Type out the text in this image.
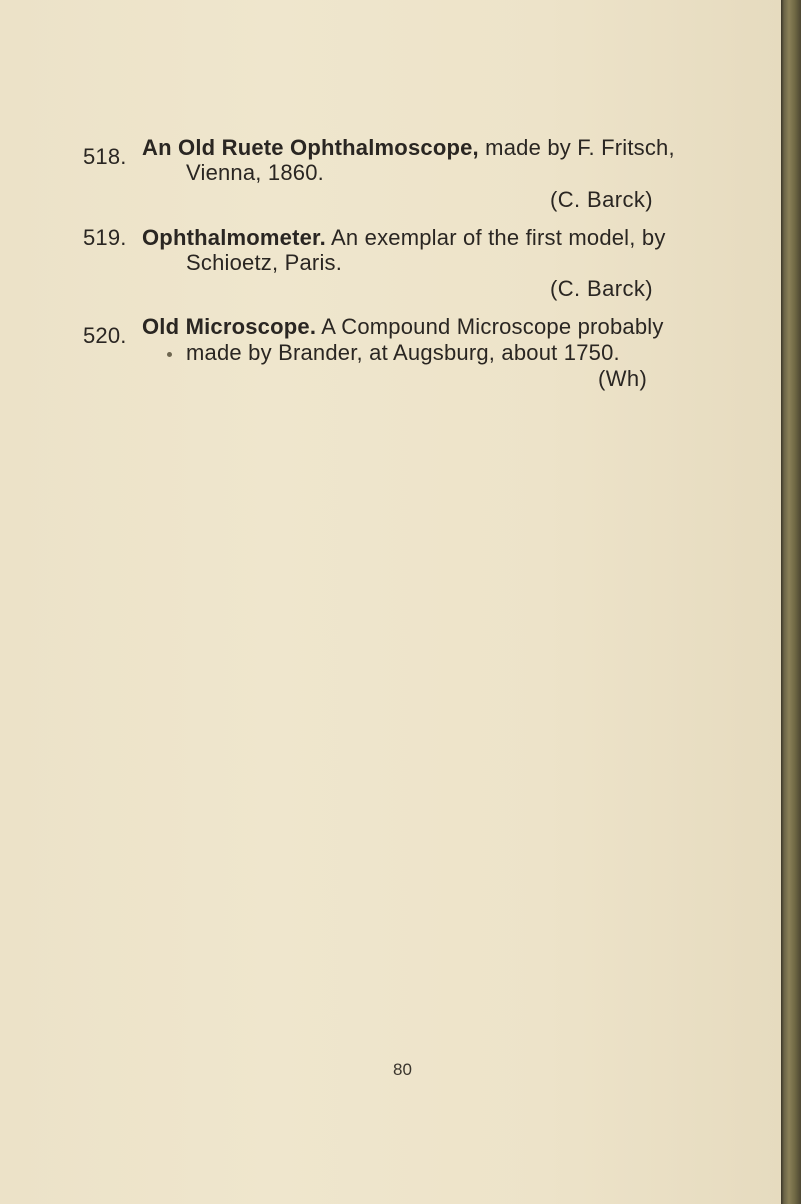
518. An Old Ruete Ophthalmoscope, made by F. Fritsch,
Vienna, 1860.
(C. Barck)
519. Ophthalmometer. An exemplar of the first model, by
Schioetz, Paris.
(C. Barck)
520. Old Microscope. A Compound Microscope probably
made by Brander, at Augsburg, about 1750.
(Wh)
80
